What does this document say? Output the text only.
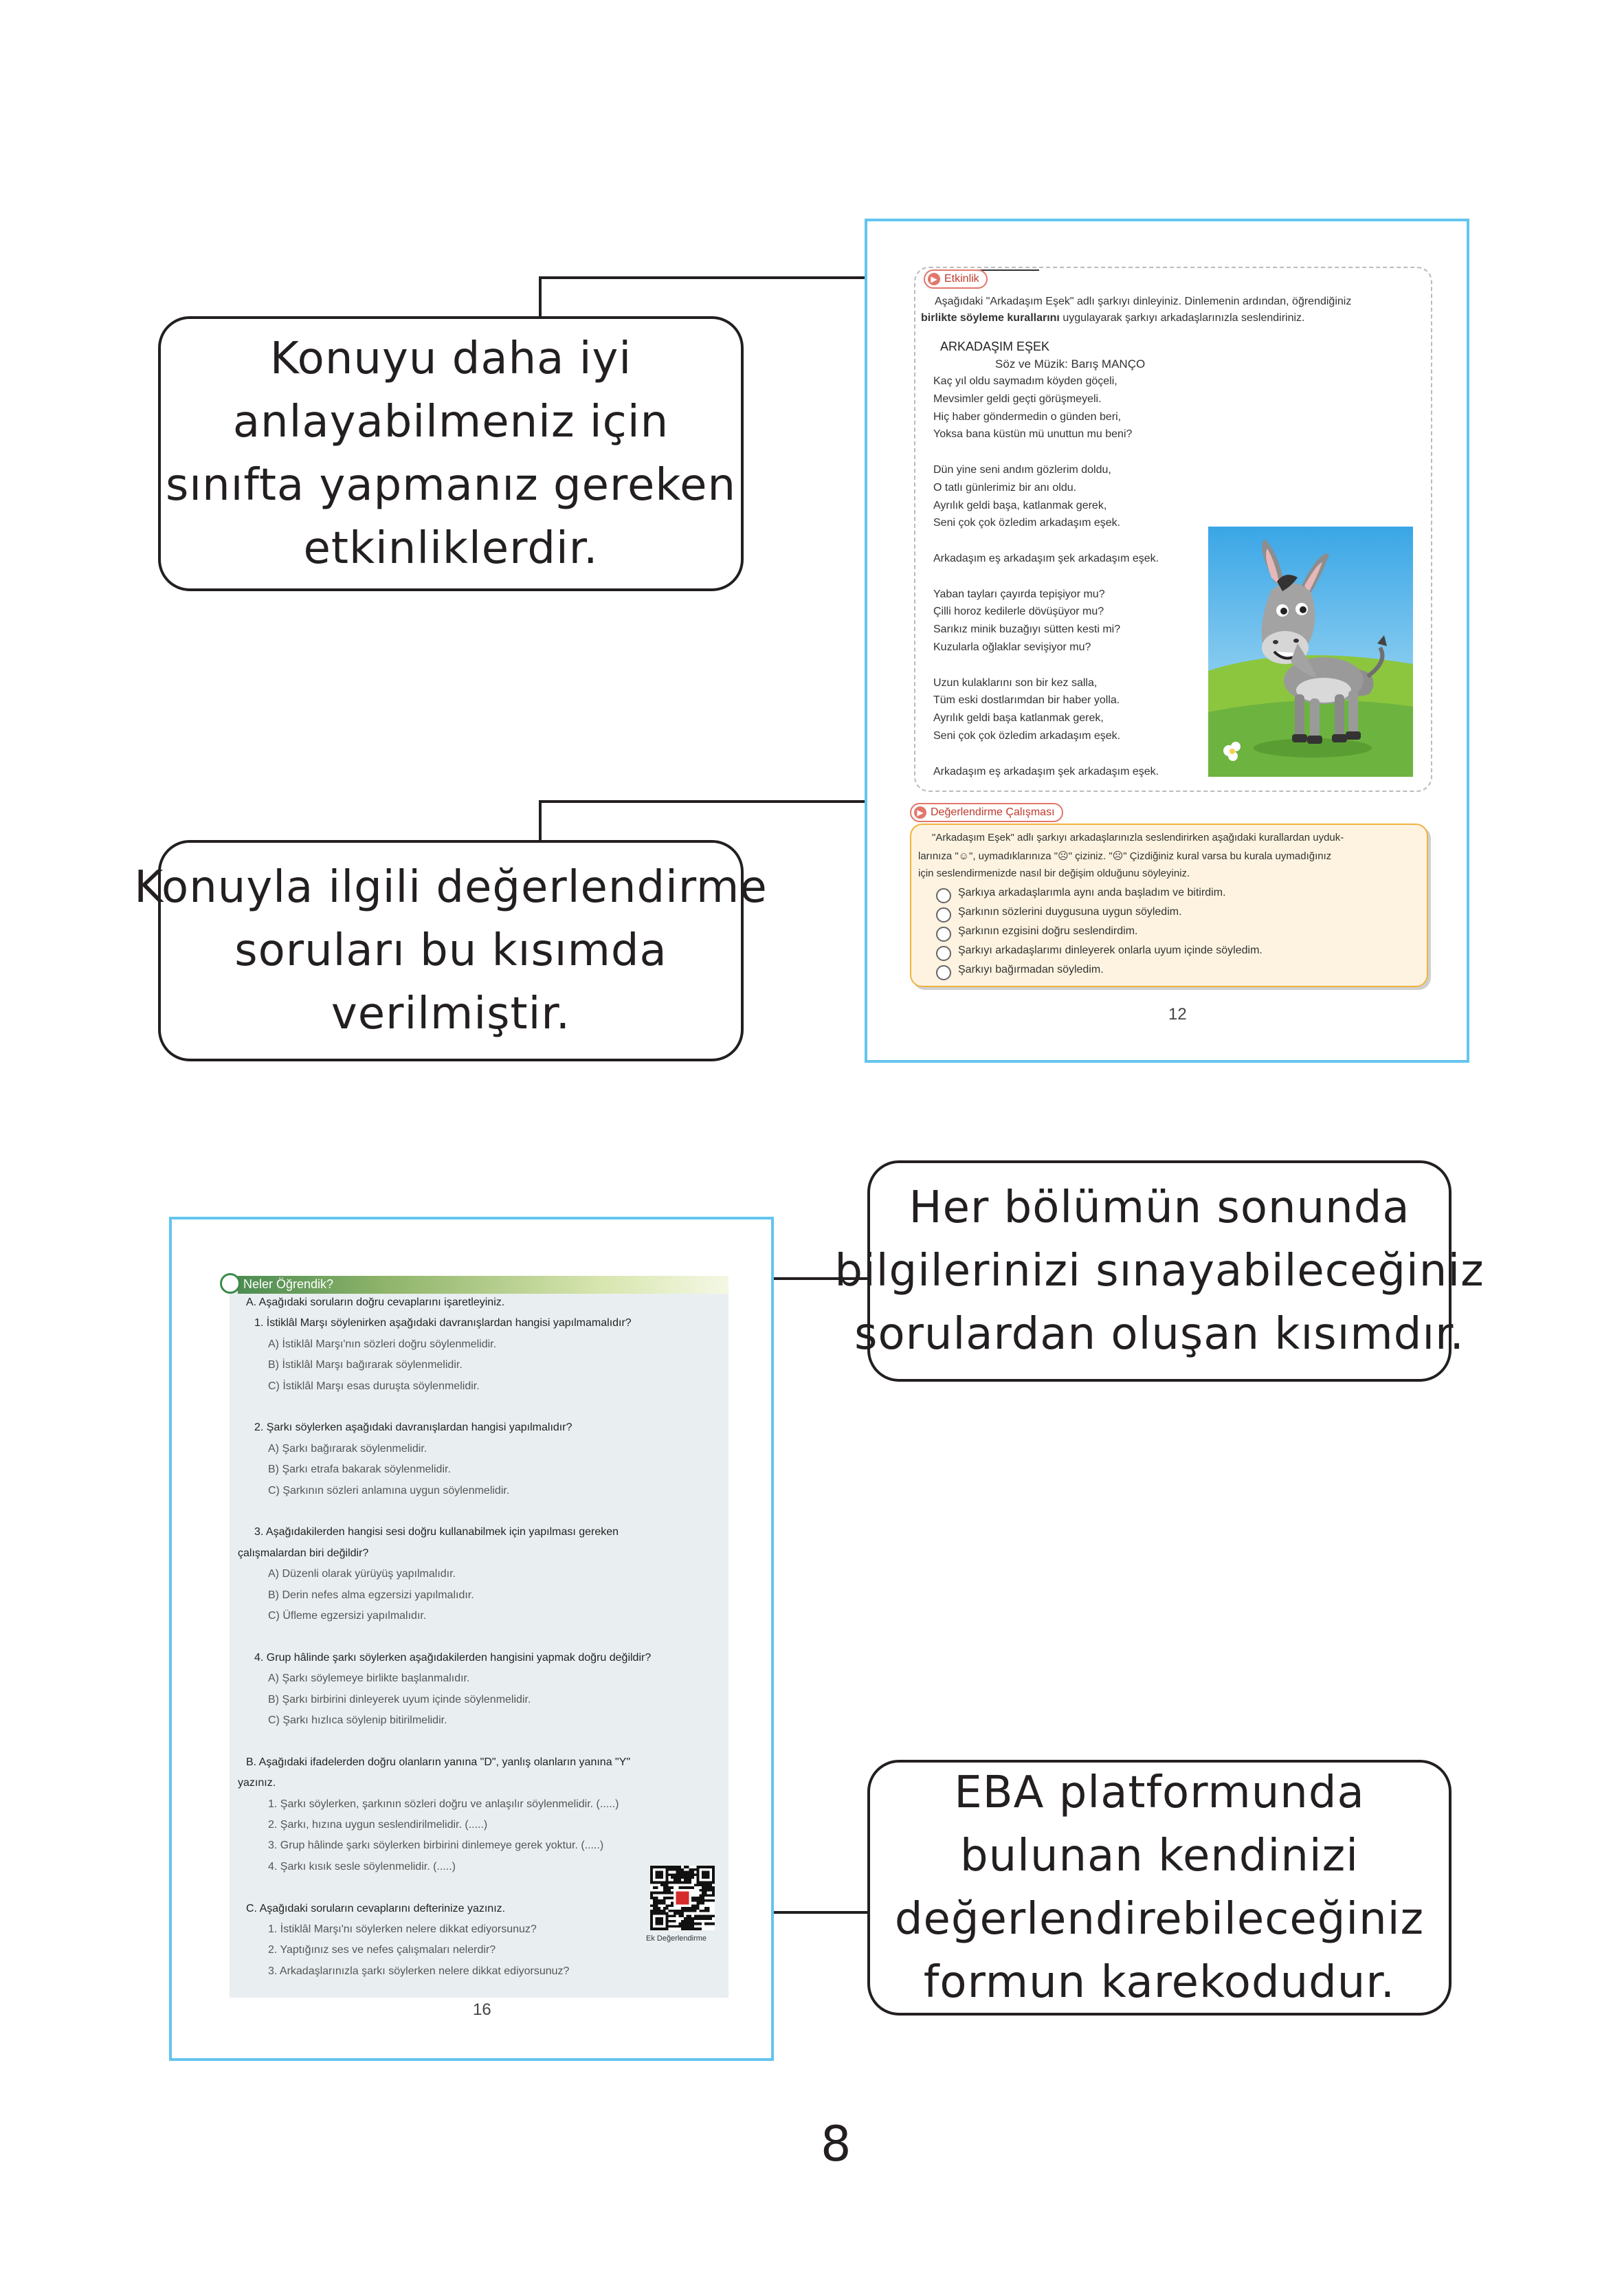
Konuyu daha iyi
anlayabilmeniz için
sınıfta yapmanız gereken
etkinliklerdir.
Konuyla ilgili değerlendirme
soruları bu kısımda
verilmiştir.
Her bölümün sonunda
bilgilerinizi sınayabileceğiniz
sorulardan oluşan kısımdır.
EBA platformunda
bulunan kendinizi
değerlendirebileceğiniz
formun karekodudur.
▶ Etkinlik
Aşağıdaki "Arkadaşım Eşek" adlı şarkıyı dinleyiniz. Dinlemenin ardından, öğrendiğiniz
birlikte söyleme kurallarını uygulayarak şarkıyı arkadaşlarınızla seslendiriniz.
ARKADAŞIM EŞEK
Söz ve Müzik: Barış MANÇO
Kaç yıl oldu saymadım köyden göçeli,
Mevsimler geldi geçti görüşmeyeli.
Hiç haber göndermedin o günden beri,
Yoksa bana küstün mü unuttun mu beni?
Dün yine seni andım gözlerim doldu,
O tatlı günlerimiz bir anı oldu.
Ayrılık geldi başa, katlanmak gerek,
Seni çok çok özledim arkadaşım eşek.
Arkadaşım eş arkadaşım şek arkadaşım eşek.
Yaban tayları çayırda tepişiyor mu?
Çilli horoz kedilerle dövüşüyor mu?
Sarıkız minik buzağıyı sütten kesti mi?
Kuzularla oğlaklar sevişiyor mu?
Uzun kulaklarını son bir kez salla,
Tüm eski dostlarımdan bir haber yolla.
Ayrılık geldi başa katlanmak gerek,
Seni çok çok özledim arkadaşım eşek.
Arkadaşım eş arkadaşım şek arkadaşım eşek.
▶ Değerlendirme Çalışması
"Arkadaşım Eşek" adlı şarkıyı arkadaşlarınızla seslendirirken aşağıdaki kurallardan uyduk-
larınıza "☺", uymadıklarınıza "☹" çiziniz. "☹" Çizdiğiniz kural varsa bu kurala uymadığınız
için seslendirmenizde nasıl bir değişim olduğunu söyleyiniz.
Şarkıya arkadaşlarımla aynı anda başladım ve bitirdim.
Şarkının sözlerini duygusuna uygun söyledim.
Şarkının ezgisini doğru seslendirdim.
Şarkıyı arkadaşlarımı dinleyerek onlarla uyum içinde söyledim.
Şarkıyı bağırmadan söyledim.
12
Neler Öğrendik?
A. Aşağıdaki soruların doğru cevaplarını işaretleyiniz.
1. İstiklâl Marşı söylenirken aşağıdaki davranışlardan hangisi yapılmamalıdır?
A) İstiklâl Marşı'nın sözleri doğru söylenmelidir.
B) İstiklâl Marşı bağırarak söylenmelidir.
C) İstiklâl Marşı esas duruşta söylenmelidir.
2. Şarkı söylerken aşağıdaki davranışlardan hangisi yapılmalıdır?
A) Şarkı bağırarak söylenmelidir.
B) Şarkı etrafa bakarak söylenmelidir.
C) Şarkının sözleri anlamına uygun söylenmelidir.
3. Aşağıdakilerden hangisi sesi doğru kullanabilmek için yapılması gereken
çalışmalardan biri değildir?
A) Düzenli olarak yürüyüş yapılmalıdır.
B) Derin nefes alma egzersizi yapılmalıdır.
C) Üfleme egzersizi yapılmalıdır.
4. Grup hâlinde şarkı söylerken aşağıdakilerden hangisini yapmak doğru değildir?
A) Şarkı söylemeye birlikte başlanmalıdır.
B) Şarkı birbirini dinleyerek uyum içinde söylenmelidir.
C) Şarkı hızlıca söylenip bitirilmelidir.
B. Aşağıdaki ifadelerden doğru olanların yanına "D", yanlış olanların yanına "Y"
yazınız.
1. Şarkı söylerken, şarkının sözleri doğru ve anlaşılır söylenmelidir. (.....)
2. Şarkı, hızına uygun seslendirilmelidir. (.....)
3. Grup hâlinde şarkı söylerken birbirini dinlemeye gerek yoktur. (.....)
4. Şarkı kısık sesle söylenmelidir. (.....)
C. Aşağıdaki soruların cevaplarını defterinize yazınız.
1. İstiklâl Marşı'nı söylerken nelere dikkat ediyorsunuz?
2. Yaptığınız ses ve nefes çalışmaları nelerdir?
3. Arkadaşlarınızla şarkı söylerken nelere dikkat ediyorsunuz?
Ek Değerlendirme
16
8
